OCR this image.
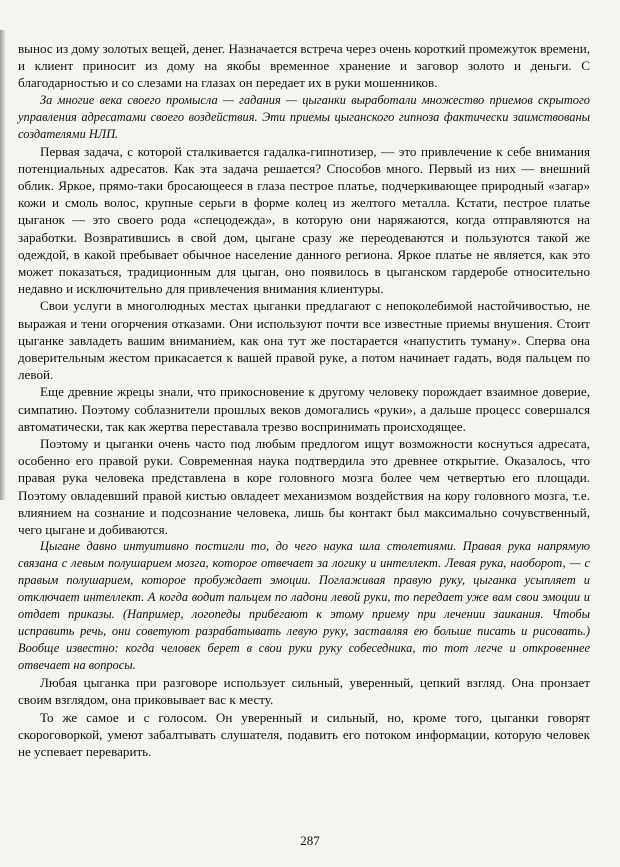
вынос из дому золотых вещей, денег. Назначается встреча через очень короткий промежуток времени, и клиент приносит из дому на якобы временное хранение и заговор золото и деньги. С благодарностью и со слезами на глазах он передает их в руки мошенников.

За многие века своего промысла — гадания — цыганки выработали множество приемов скрытого управления адресатами своего воздействия. Эти приемы цыганского гипноза фактически заимствованы создателями НЛП.

Первая задача, с которой сталкивается гадалка-гипнотизер, — это привлечение к себе внимания потенциальных адресатов. Как эта задача решается? Способов много. Первый из них — внешний облик. Яркое, прямо-таки бросающееся в глаза пестрое платье, подчеркивающее природный «загар» кожи и смоль волос, крупные серьги в форме колец из желтого металла. Кстати, пестрое платье цыганок — это своего рода «спецодежда», в которую они наряжаются, когда отправляются на заработки. Возвратившись в свой дом, цыгане сразу же переодеваются и пользуются такой же одеждой, в какой пребывает обычное население данного региона. Яркое платье не является, как это может показаться, традиционным для цыган, оно появилось в цыганском гардеробе относительно недавно и исключительно для привлечения внимания клиентуры.

Свои услуги в многолюдных местах цыганки предлагают с непоколебимой настойчивостью, не выражая и тени огорчения отказами. Они используют почти все известные приемы внушения. Стоит цыганке завладеть вашим вниманием, как она тут же постарается «напустить туману». Сперва она доверительным жестом прикасается к вашей правой руке, а потом начинает гадать, водя пальцем по левой.

Еще древние жрецы знали, что прикосновение к другому человеку порождает взаимное доверие, симпатию. Поэтому соблазнители прошлых веков домогались «руки», а дальше процесс совершался автоматически, так как жертва переставала трезво воспринимать происходящее.

Поэтому и цыганки очень часто под любым предлогом ищут возможности коснуться адресата, особенно его правой руки. Современная наука подтвердила это древнее открытие. Оказалось, что правая рука человека представлена в коре головного мозга более чем четвертью его площади. Поэтому овладевший правой кистью овладеет механизмом воздействия на кору головного мозга, т.е. влиянием на сознание и подсознание человека, лишь бы контакт был максимально сочувственный, чего цыгане и добиваются.

Цыгане давно интуитивно постигли то, до чего наука шла столетиями. Правая рука напрямую связана с левым полушарием мозга, которое отвечает за логику и интеллект. Левая рука, наоборот, — с правым полушарием, которое пробуждает эмоции. Поглаживая правую руку, цыганка усыпляет и отключает интеллект. А когда водит пальцем по ладони левой руки, то передает уже вам свои эмоции и отдает приказы. (Например, логопеды прибегают к этому приему при лечении заикания. Чтобы исправить речь, они советуют разрабатывать левую руку, заставляя ею больше писать и рисовать.) Вообще известно: когда человек берет в свои руки руку собеседника, то тот легче и откровеннее отвечает на вопросы.

Любая цыганка при разговоре использует сильный, уверенный, цепкий взгляд. Она пронзает своим взглядом, она приковывает вас к месту.

То же самое и с голосом. Он уверенный и сильный, но, кроме того, цыганки говорят скороговоркой, умеют забалтывать слушателя, подавить его потоком информации, которую человек не успевает переварить.

287
